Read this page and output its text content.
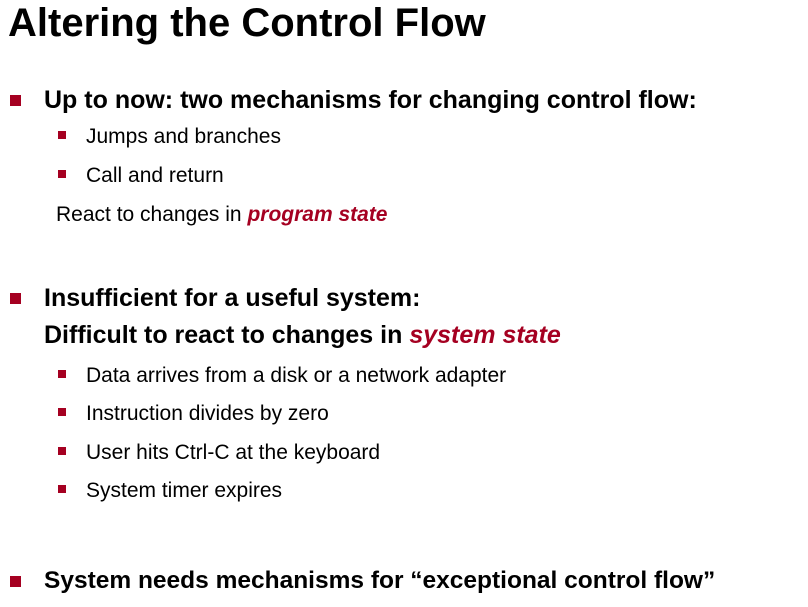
Altering the Control Flow
Up to now: two mechanisms for changing control flow:
Jumps and branches
Call and return
React to changes in program state
Insufficient for a useful system:
Difficult to react to changes in system state
Data arrives from a disk or a network adapter
Instruction divides by zero
User hits Ctrl-C at the keyboard
System timer expires
System needs mechanisms for “exceptional control flow”
